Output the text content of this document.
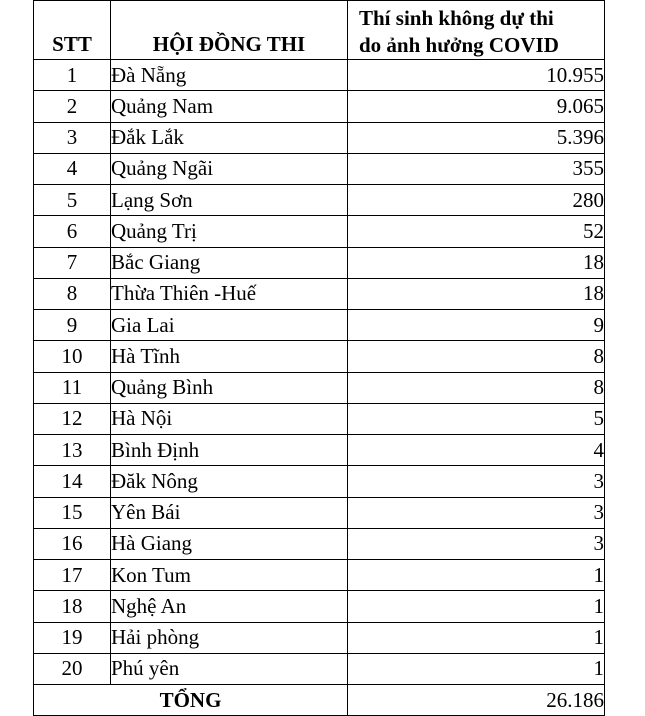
STT	HỘI ĐỒNG THI	Thí sinh không dự thi
do ảnh hưởng COVID

1	Đà Nẵng	10.955
2	Quảng Nam	9.065
3	Đắk Lắk	5.396
4	Quảng Ngãi	355
5	Lạng Sơn	280
6	Quảng Trị	52
7	Bắc Giang	18
8	Thừa Thiên -Huế	18
9	Gia Lai	9
10	Hà Tĩnh	8
11	Quảng Bình	8
12	Hà Nội	5
13	Bình Định	4
14	Đăk Nông	3
15	Yên Bái	3
16	Hà Giang	3
17	Kon Tum	1
18	Nghệ An	1
19	Hải phòng	1
20	Phú yên	1
TỔNG		26.186
